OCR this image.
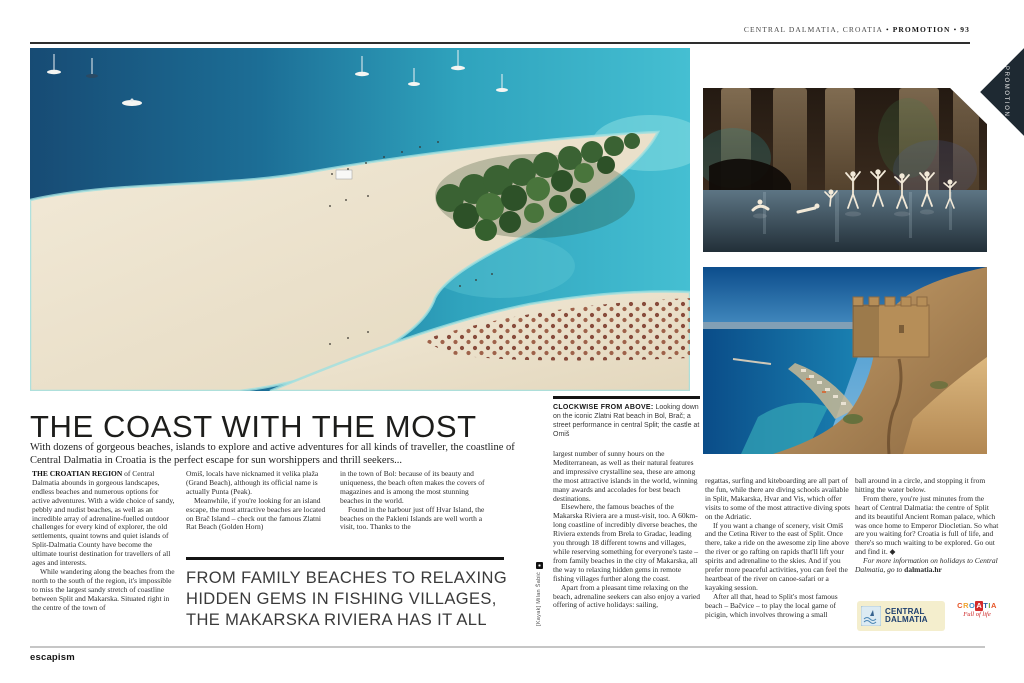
CENTRAL DALMATIA, CROATIA • PROMOTION • 93
PROMOTION
THE COAST WITH THE MOST

With dozens of gorgeous beaches, islands to explore and active adventures for all kinds of traveller, the coastline of Central Dalmatia in Croatia is the perfect escape for sun worshippers and thrill seekers...

CLOCKWISE FROM ABOVE: Looking down on the iconic Zlatni Rat beach in Bol, Brač; a street performance in central Split; the castle at Omiš

THE CROATIAN REGION of Central Dalmatia abounds in gorgeous landscapes, endless beaches and numerous options for active adventures. With a wide choice of sandy, pebbly and nudist beaches, as well as an incredible array of adrenaline-fuelled outdoor challenges for every kind of explorer, the old settlements, quaint towns and quiet islands of Split-Dalmatia County have become the ultimate tourist destination for travellers of all ages and interests.

While wandering along the beaches from the north to the south of the region, it's impossible to miss the largest sandy stretch of coastline between Split and Makarska. Situated right in the centre of the town of

Omiš, locals have nicknamed it velika plaža (Grand Beach), although its official name is actually Punta (Peak).

Meanwhile, if you're looking for an island escape, the most attractive beaches are located on Brač Island – check out the famous Zlatni Rat Beach (Golden Horn)

in the town of Bol: because of its beauty and uniqueness, the beach often makes the covers of magazines and is among the most stunning beaches in the world.

Found in the harbour just off Hvar Island, the beaches on the Pakleni Islands are well worth a visit, too. Thanks to the

largest number of sunny hours on the Mediterranean, as well as their natural features and impressive crystalline sea, these are among the most attractive islands in the world, winning many awards and accolades for best beach destinations.

Elsewhere, the famous beaches of the Makarska Riviera are a must-visit, too. A 60km-long coastline of incredibly diverse beaches, the Riviera extends from Brela to Gradac, leading you through 18 different towns and villages, while reserving something for everyone's taste – from family beaches in the city of Makarska, all the way to relaxing hidden gems in remote fishing villages further along the coast.

Apart from a pleasant time relaxing on the beach, adrenaline seekers can also enjoy a varied offering of active holidays: sailing,

regattas, surfing and kiteboarding are all part of the fun, while there are diving schools available in Split, Makarska, Hvar and Vis, which offer visits to some of the most attractive diving spots on the Adriatic.

If you want a change of scenery, visit Omiš and the Cetina River to the east of Split. Once there, take a ride on the awesome zip line above the river or go rafting on rapids that'll lift your spirits and adrenaline to the skies. And if you prefer more peaceful activities, you can feel the heartbeat of the river on canoe-safari or a kayaking session.

After all that, head to Split's most famous beach – Bačvice – to play the local game of picigin, which involves throwing a small

ball around in a circle, and stopping it from hitting the water below.

From there, you're just minutes from the heart of Central Dalmatia: the centre of Split and its beautiful Ancient Roman palace, which was once home to Emperor Diocletian. So what are you waiting for? Croatia is full of life, and there's so much waiting to be explored. Go out and find it. ◆

For more information on holidays to Central Dalmatia, go to dalmatia.hr

FROM FAMILY BEACHES TO RELAXING HIDDEN GEMS IN FISHING VILLAGES, THE MAKARSKA RIVIERA HAS IT ALL	[Kayak] Milan Šabić
escapism
CENTRAL
DALMATIA
CROATIA
Full of life
